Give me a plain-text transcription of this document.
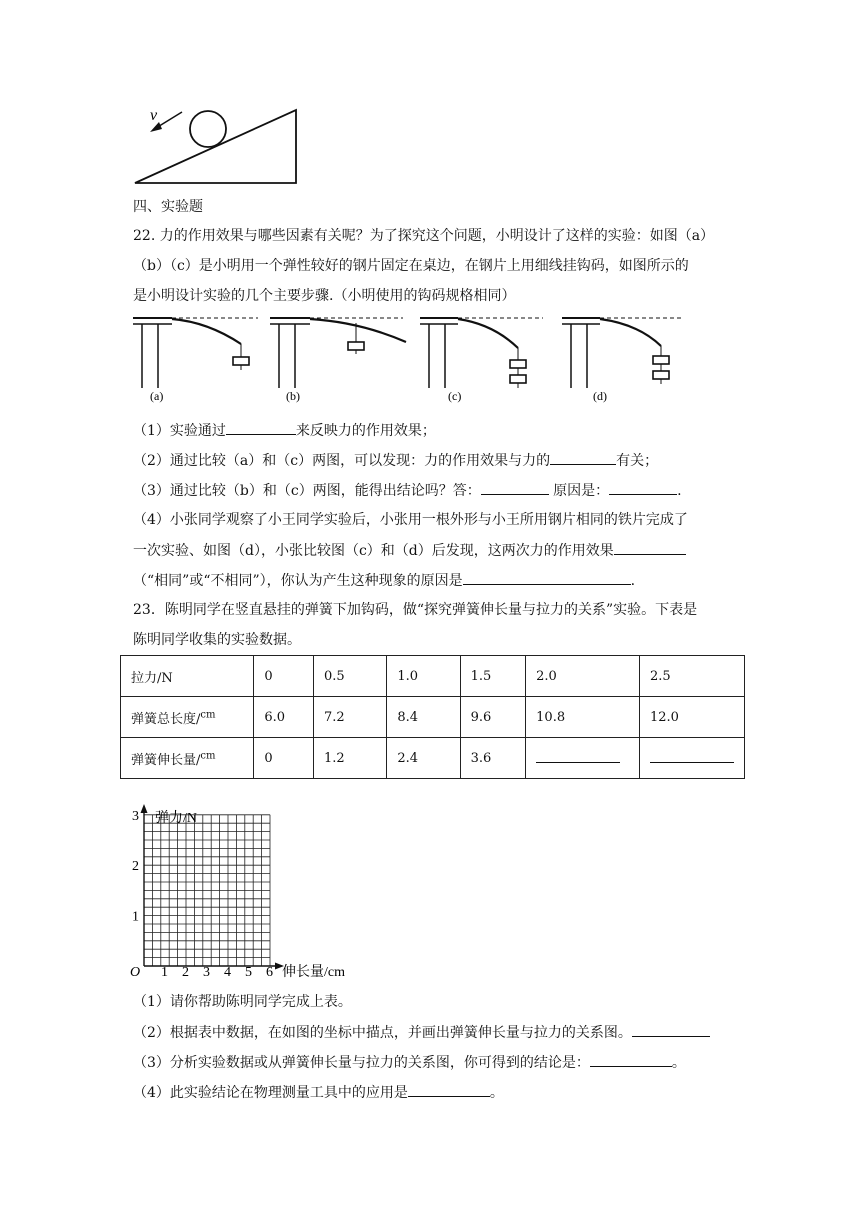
v
四、实验题
22. 力的作用效果与哪些因素有关呢？为了探究这个问题，小明设计了这样的实验：如图（a）
（b）（c）是小明用一个弹性较好的钢片固定在桌边，在钢片上用细线挂钩码，如图所示的
是小明设计实验的几个主要步骤.（小明使用的钩码规格相同）
(a)	(b)	(c)	(d)
（1）实验通过	来反映力的作用效果；
（2）通过比较（a）和（c）两图，可以发现：力的作用效果与力的	有关；
（3）通过比较（b）和（c）两图，能得出结论吗？答：	原因是：	.
（4）小张同学观察了小王同学实验后，小张用一根外形与小王所用钢片相同的铁片完成了
一次实验、如图（d），小张比较图（c）和（d）后发现，这两次力的作用效果
（“相同”或“不相同”），你认为产生这种现象的原因是	.
23．陈明同学在竖直悬挂的弹簧下加钩码，做“探究弹簧伸长量与拉力的关系”实验。下表是
陈明同学收集的实验数据。
拉力/N	0	0.5	1.0	1.5	2.0	2.5
弹簧总长度/$^{cm}$	6.0	7.2	8.4	9.6	10.8	12.0
弹簧伸长量/$^{cm}$	0	1.2	2.4	3.6		
弹力/N
伸长量/cm
O
1
2
3
1 2 3 4 5 6
（1）请你帮助陈明同学完成上表。
（2）根据表中数据，在如图的坐标中描点，并画出弹簧伸长量与拉力的关系图。
（3）分析实验数据或从弹簧伸长量与拉力的关系图，你可得到的结论是：	。
（4）此实验结论在物理测量工具中的应用是	。
